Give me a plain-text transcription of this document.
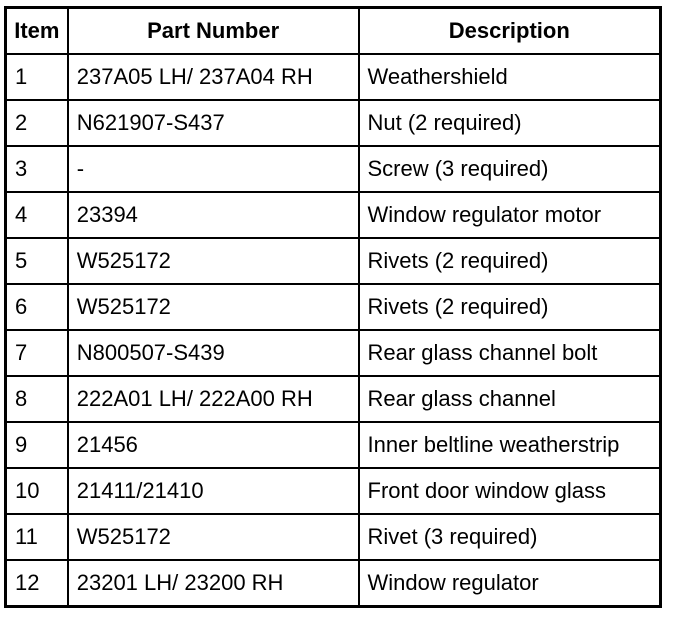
Item	Part Number	Description
1	237A05 LH/ 237A04 RH	Weathershield
2	N621907-S437	Nut (2 required)
3	-	Screw (3 required)
4	23394	Window regulator motor
5	W525172	Rivets (2 required)
6	W525172	Rivets (2 required)
7	N800507-S439	Rear glass channel bolt
8	222A01 LH/ 222A00 RH	Rear glass channel
9	21456	Inner beltline weatherstrip
10	21411/21410	Front door window glass
11	W525172	Rivet (3 required)
12	23201 LH/ 23200 RH	Window regulator
